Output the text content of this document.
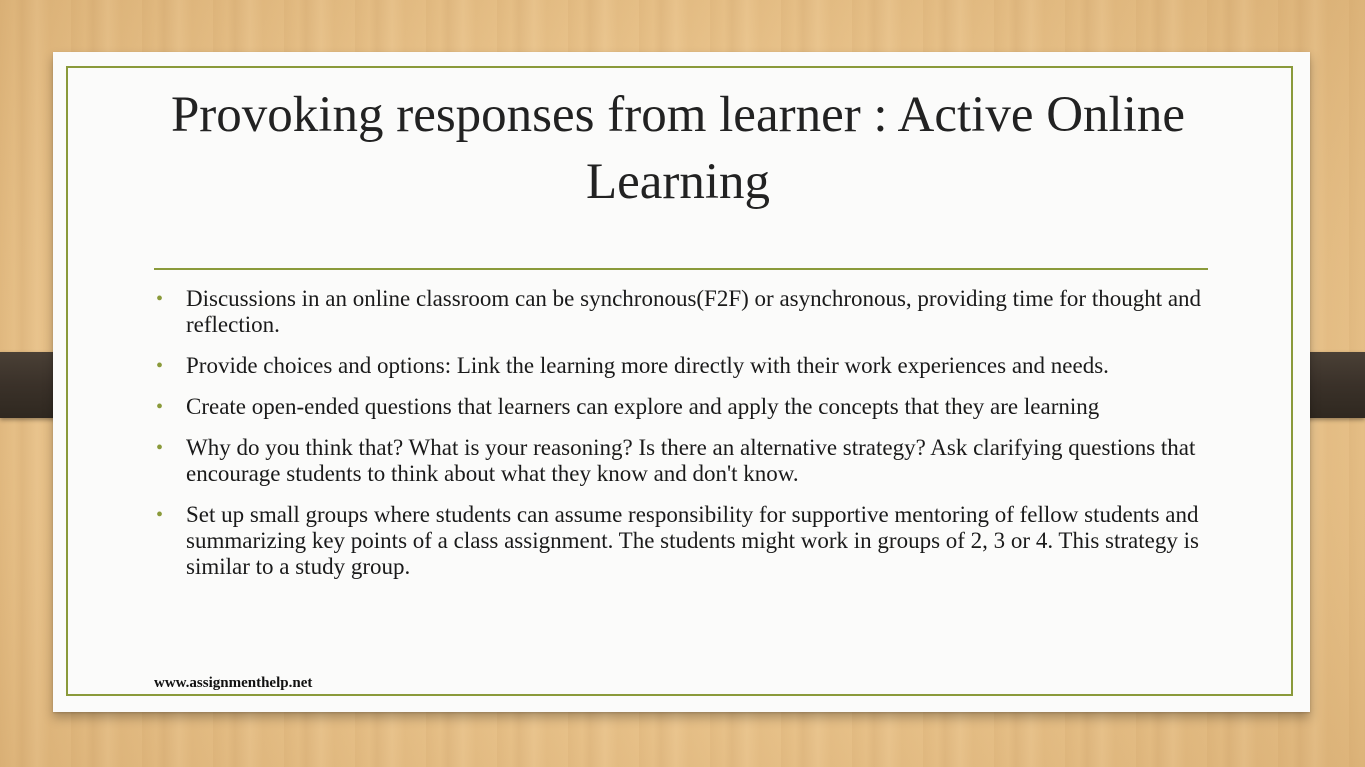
Provoking responses from learner : Active Online Learning
• Discussions in an online classroom can be synchronous(F2F) or asynchronous, providing time for thought and reflection.
• Provide choices and options: Link the learning more directly with their work experiences and needs.
• Create open-ended questions that learners can explore and apply the concepts that they are learning
• Why do you think that? What is your reasoning? Is there an alternative strategy? Ask clarifying questions that encourage students to think about what they know and don't know.
• Set up small groups where students can assume responsibility for supportive mentoring of fellow students and summarizing key points of a class assignment. The students might work in groups of 2, 3 or 4. This strategy is similar to a study group.
www.assignmenthelp.net
